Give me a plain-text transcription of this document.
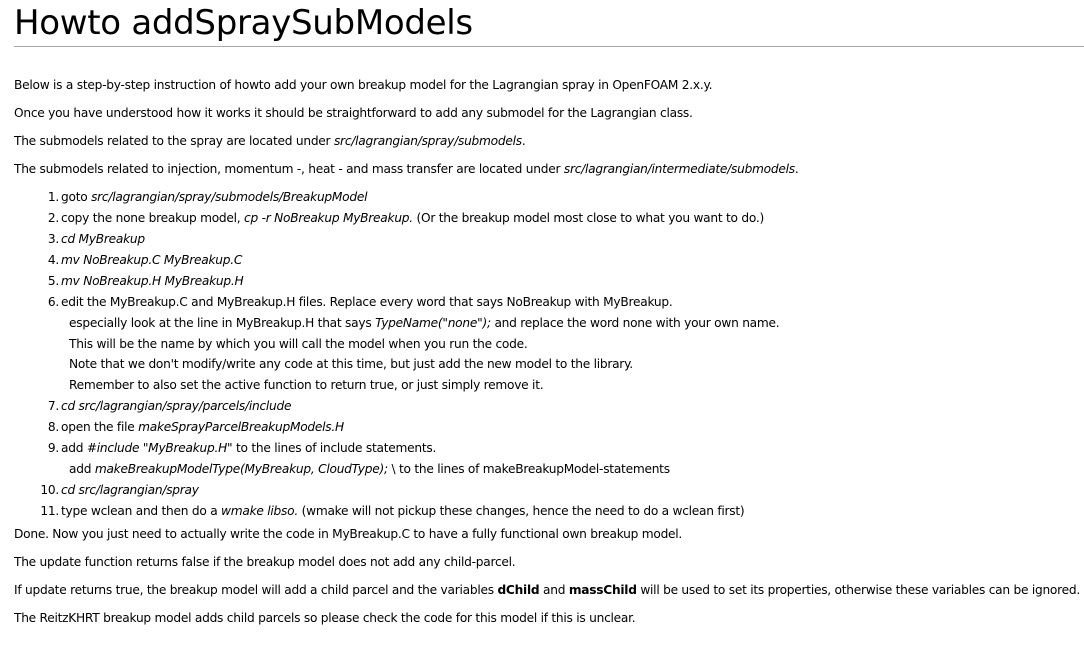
Howto addSpraySubModels

Below is a step-by-step instruction of howto add your own breakup model for the Lagrangian spray in OpenFOAM 2.x.y.

Once you have understood how it works it should be straightforward to add any submodel for the Lagrangian class.

The submodels related to the spray are located under src/lagrangian/spray/submodels.

The submodels related to injection, momentum -, heat - and mass transfer are located under src/lagrangian/intermediate/submodels.

1. goto src/lagrangian/spray/submodels/BreakupModel
2. copy the none breakup model, cp -r NoBreakup MyBreakup. (Or the breakup model most close to what you want to do.)
3. cd MyBreakup
4. mv NoBreakup.C MyBreakup.C
5. mv NoBreakup.H MyBreakup.H
6. edit the MyBreakup.C and MyBreakup.H files. Replace every word that says NoBreakup with MyBreakup.
especially look at the line in MyBreakup.H that says TypeName("none"); and replace the word none with your own name.
This will be the name by which you will call the model when you run the code.
Note that we don't modify/write any code at this time, but just add the new model to the library.
Remember to also set the active function to return true, or just simply remove it.
7. cd src/lagrangian/spray/parcels/include
8. open the file makeSprayParcelBreakupModels.H
9. add #include "MyBreakup.H" to the lines of include statements.
add makeBreakupModelType(MyBreakup, CloudType); \ to the lines of makeBreakupModel-statements
10. cd src/lagrangian/spray
11. type wclean and then do a wmake libso. (wmake will not pickup these changes, hence the need to do a wclean first)

Done. Now you just need to actually write the code in MyBreakup.C to have a fully functional own breakup model.

The update function returns false if the breakup model does not add any child-parcel.

If update returns true, the breakup model will add a child parcel and the variables dChild and massChild will be used to set its properties, otherwise these variables can be ignored.

The ReitzKHRT breakup model adds child parcels so please check the code for this model if this is unclear.
